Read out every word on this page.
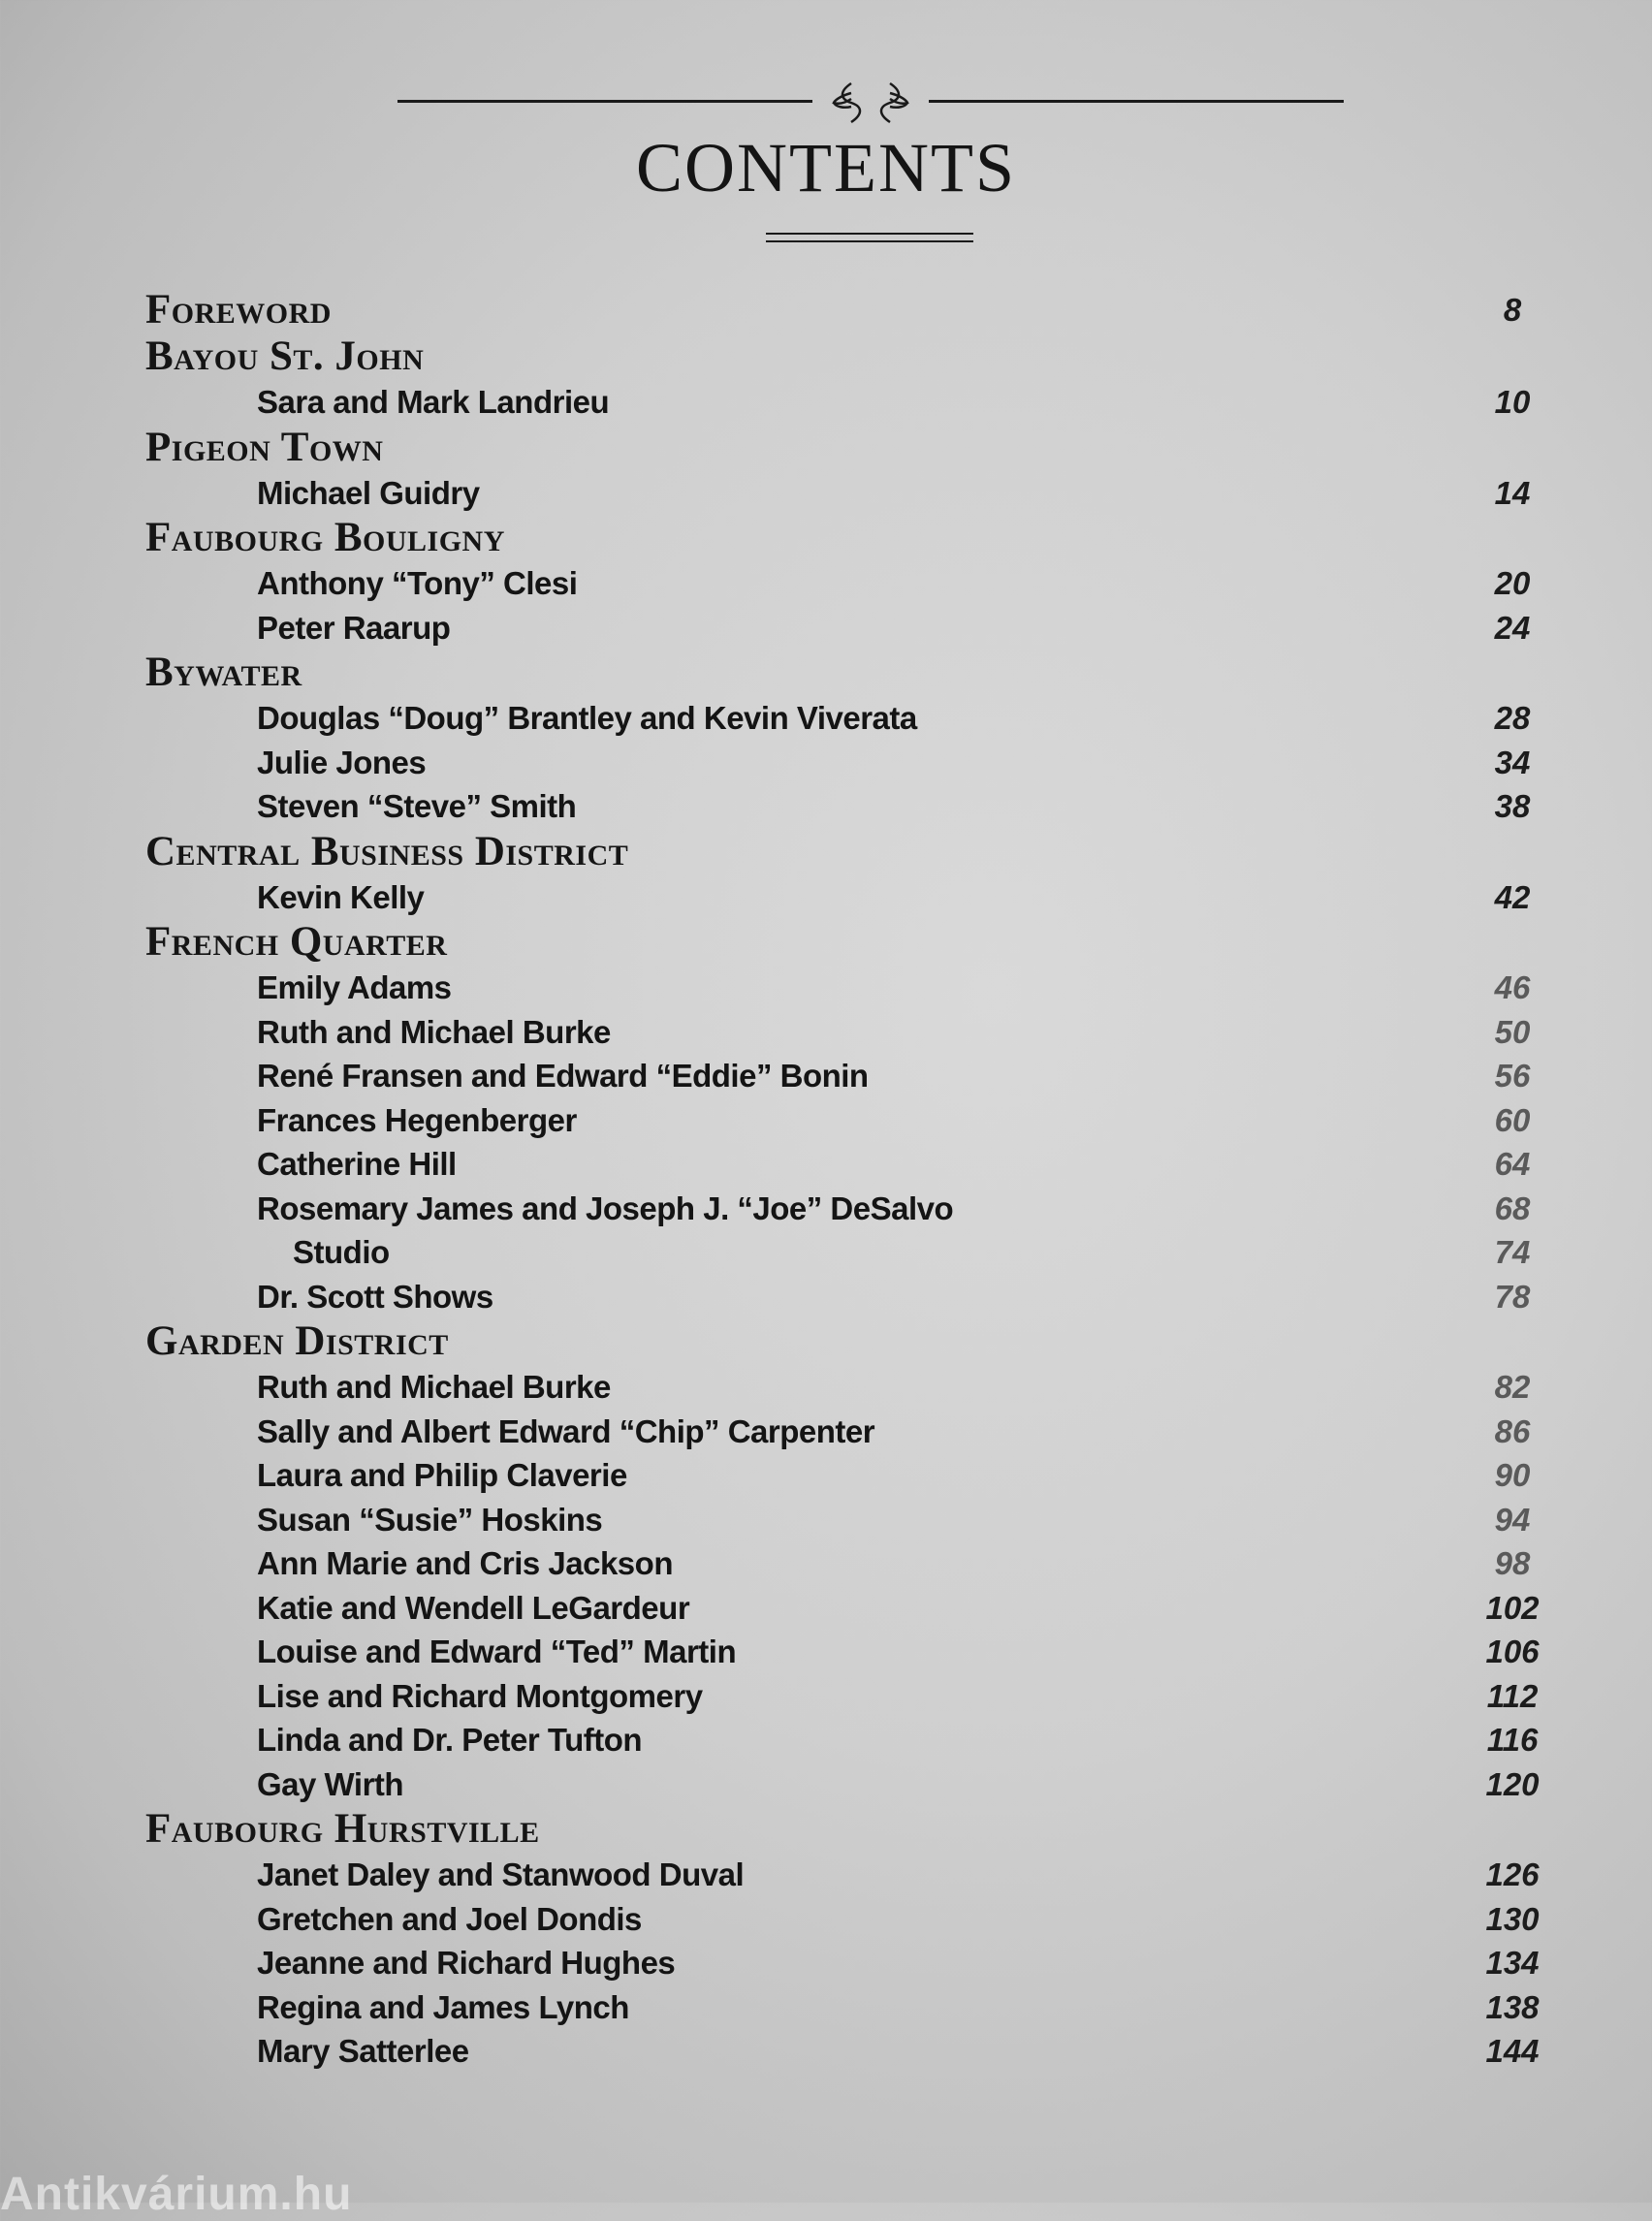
CONTENTS
Foreword	8
Bayou St. John
Sara and Mark Landrieu	10
Pigeon Town
Michael Guidry	14
Faubourg Bouligny
Anthony “Tony” Clesi	20
Peter Raarup	24
Bywater
Douglas “Doug” Brantley and Kevin Viverata	28
Julie Jones	34
Steven “Steve” Smith	38
Central Business District
Kevin Kelly	42
French Quarter
Emily Adams	46
Ruth and Michael Burke	50
René Fransen and Edward “Eddie” Bonin	56
Frances Hegenberger	60
Catherine Hill	64
Rosemary James and Joseph J. “Joe” DeSalvo	68
Studio	74
Dr. Scott Shows	78
Garden District
Ruth and Michael Burke	82
Sally and Albert Edward “Chip” Carpenter	86
Laura and Philip Claverie	90
Susan “Susie” Hoskins	94
Ann Marie and Cris Jackson	98
Katie and Wendell LeGardeur	102
Louise and Edward “Ted” Martin	106
Lise and Richard Montgomery	112
Linda and Dr. Peter Tufton	116
Gay Wirth	120
Faubourg Hurstville
Janet Daley and Stanwood Duval	126
Gretchen and Joel Dondis	130
Jeanne and Richard Hughes	134
Regina and James Lynch	138
Mary Satterlee	144
Antikvárium.hu
